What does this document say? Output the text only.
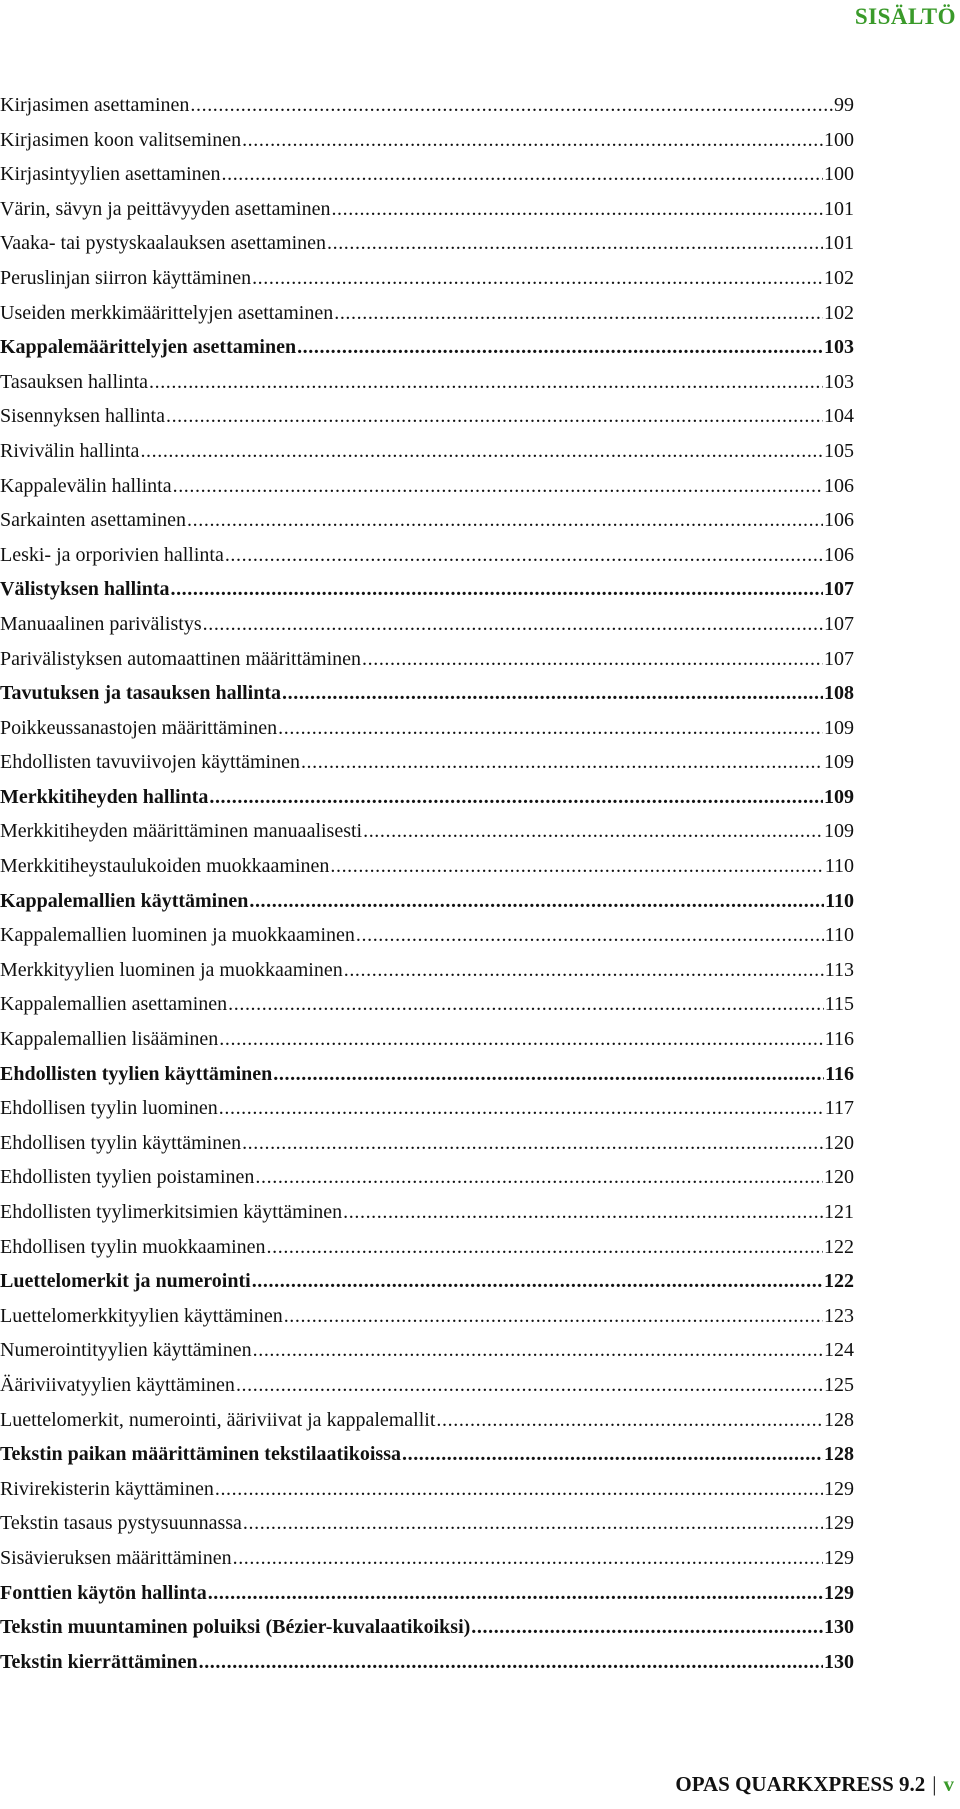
SISÄLTÖ
Kirjasimen asettaminen .....	99
Kirjasimen koon valitseminen .....	100
Kirjasintyylien asettaminen .....	100
Värin, sävyn ja peittävyyden asettaminen .....	101
Vaaka- tai pystyskaalauksen asettaminen .....	101
Peruslinjan siirron käyttäminen .....	102
Useiden merkkimäärittelyjen asettaminen .....	102
Kappalemäärittelyjen asettaminen .....	103
Tasauksen hallinta .....	103
Sisennyksen hallinta .....	104
Rivivälin hallinta .....	105
Kappalevälin hallinta .....	106
Sarkainten asettaminen .....	106
Leski- ja orporivien hallinta .....	106
Välistyksen hallinta .....	107
Manuaalinen parivälistys .....	107
Parivälistyksen automaattinen määrittäminen .....	107
Tavutuksen ja tasauksen hallinta .....	108
Poikkeussanastojen määrittäminen .....	109
Ehdollisten tavuviivojen käyttäminen .....	109
Merkkitiheyden hallinta .....	109
Merkkitiheyden määrittäminen manuaalisesti .....	109
Merkkitiheystaulukoiden muokkaaminen .....	110
Kappalemallien käyttäminen .....	110
Kappalemallien luominen ja muokkaaminen .....	110
Merkkityylien luominen ja muokkaaminen .....	113
Kappalemallien asettaminen .....	115
Kappalemallien lisääminen .....	116
Ehdollisten tyylien käyttäminen .....	116
Ehdollisen tyylin luominen .....	117
Ehdollisen tyylin käyttäminen .....	120
Ehdollisten tyylien poistaminen .....	120
Ehdollisten tyylimerkitsimien käyttäminen .....	121
Ehdollisen tyylin muokkaaminen .....	122
Luettelomerkit ja numerointi .....	122
Luettelomerkkityylien käyttäminen .....	123
Numerointityylien käyttäminen .....	124
Ääriviivatyylien käyttäminen .....	125
Luettelomerkit, numerointi, ääriviivat ja kappalemallit .....	128
Tekstin paikan määrittäminen tekstilaatikoissa .....	128
Rivirekisterin käyttäminen .....	129
Tekstin tasaus pystysuunnassa .....	129
Sisävieruksen määrittäminen .....	129
Fonttien käytön hallinta .....	129
Tekstin muuntaminen poluiksi (Bézier-kuvalaatikoiksi) .....	130
Tekstin kierrättäminen .....	130
OPAS QUARKXPRESS 9.2 | v
